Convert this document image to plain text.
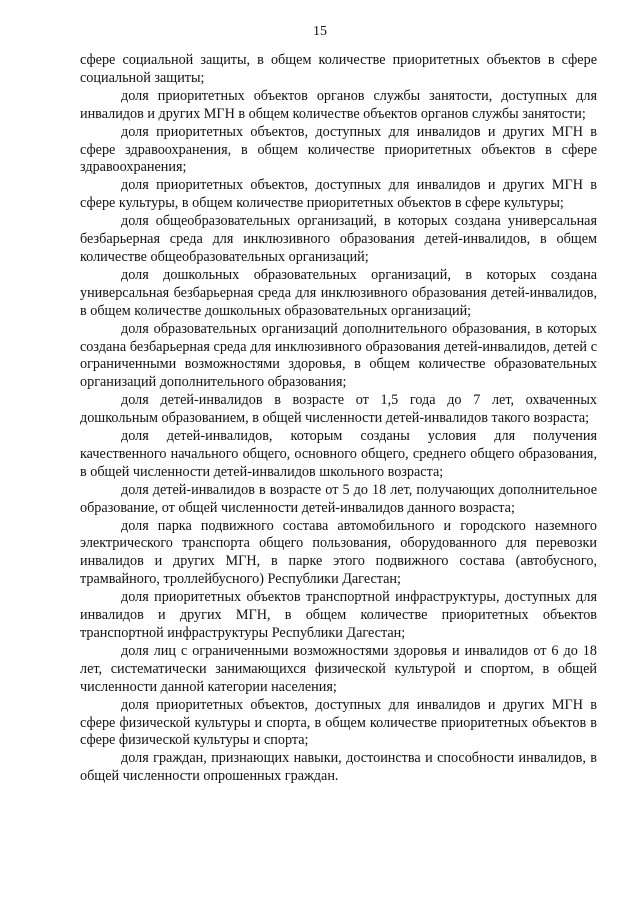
15

сфере социальной защиты, в общем количестве приоритетных объектов в сфере социальной защиты;

доля приоритетных объектов органов службы занятости, доступных для инвалидов и других МГН в общем количестве объектов органов службы занятости;

доля приоритетных объектов, доступных для инвалидов и других МГН в сфере здравоохранения, в общем количестве приоритетных объектов в сфере здравоохранения;

доля приоритетных объектов, доступных для инвалидов и других МГН в сфере культуры, в общем количестве приоритетных объектов в сфере культуры;

доля общеобразовательных организаций, в которых создана универсальная безбарьерная среда для инклюзивного образования детей-инвалидов, в общем количестве общеобразовательных организаций;

доля дошкольных образовательных организаций, в которых создана универсальная безбарьерная среда для инклюзивного образования детей-инвалидов, в общем количестве дошкольных образовательных организаций;

доля образовательных организаций дополнительного образования, в которых создана безбарьерная среда для инклюзивного образования детей-инвалидов, детей с ограниченными возможностями здоровья, в общем количестве образовательных организаций дополнительного образования;

доля детей-инвалидов в возрасте от 1,5 года до 7 лет, охваченных дошкольным образованием, в общей численности детей-инвалидов такого возраста;

доля детей-инвалидов, которым созданы условия для получения качественного начального общего, основного общего, среднего общего образования, в общей численности детей-инвалидов школьного возраста;

доля детей-инвалидов в возрасте от 5 до 18 лет, получающих дополнительное образование, от общей численности детей-инвалидов данного возраста;

доля парка подвижного состава автомобильного и городского наземного электрического транспорта общего пользования, оборудованного для перевозки инвалидов и других МГН, в парке этого подвижного состава (автобусного, трамвайного, троллейбусного) Республики Дагестан;

доля приоритетных объектов транспортной инфраструктуры, доступных для инвалидов и других МГН, в общем количестве приоритетных объектов транспортной инфраструктуры Республики Дагестан;

доля лиц с ограниченными возможностями здоровья и инвалидов от 6 до 18 лет, систематически занимающихся физической культурой и спортом, в общей численности данной категории населения;

доля приоритетных объектов, доступных для инвалидов и других МГН в сфере физической культуры и спорта, в общем количестве приоритетных объектов в сфере физической культуры и спорта;

доля граждан, признающих навыки, достоинства и способности инвалидов, в общей численности опрошенных граждан.
